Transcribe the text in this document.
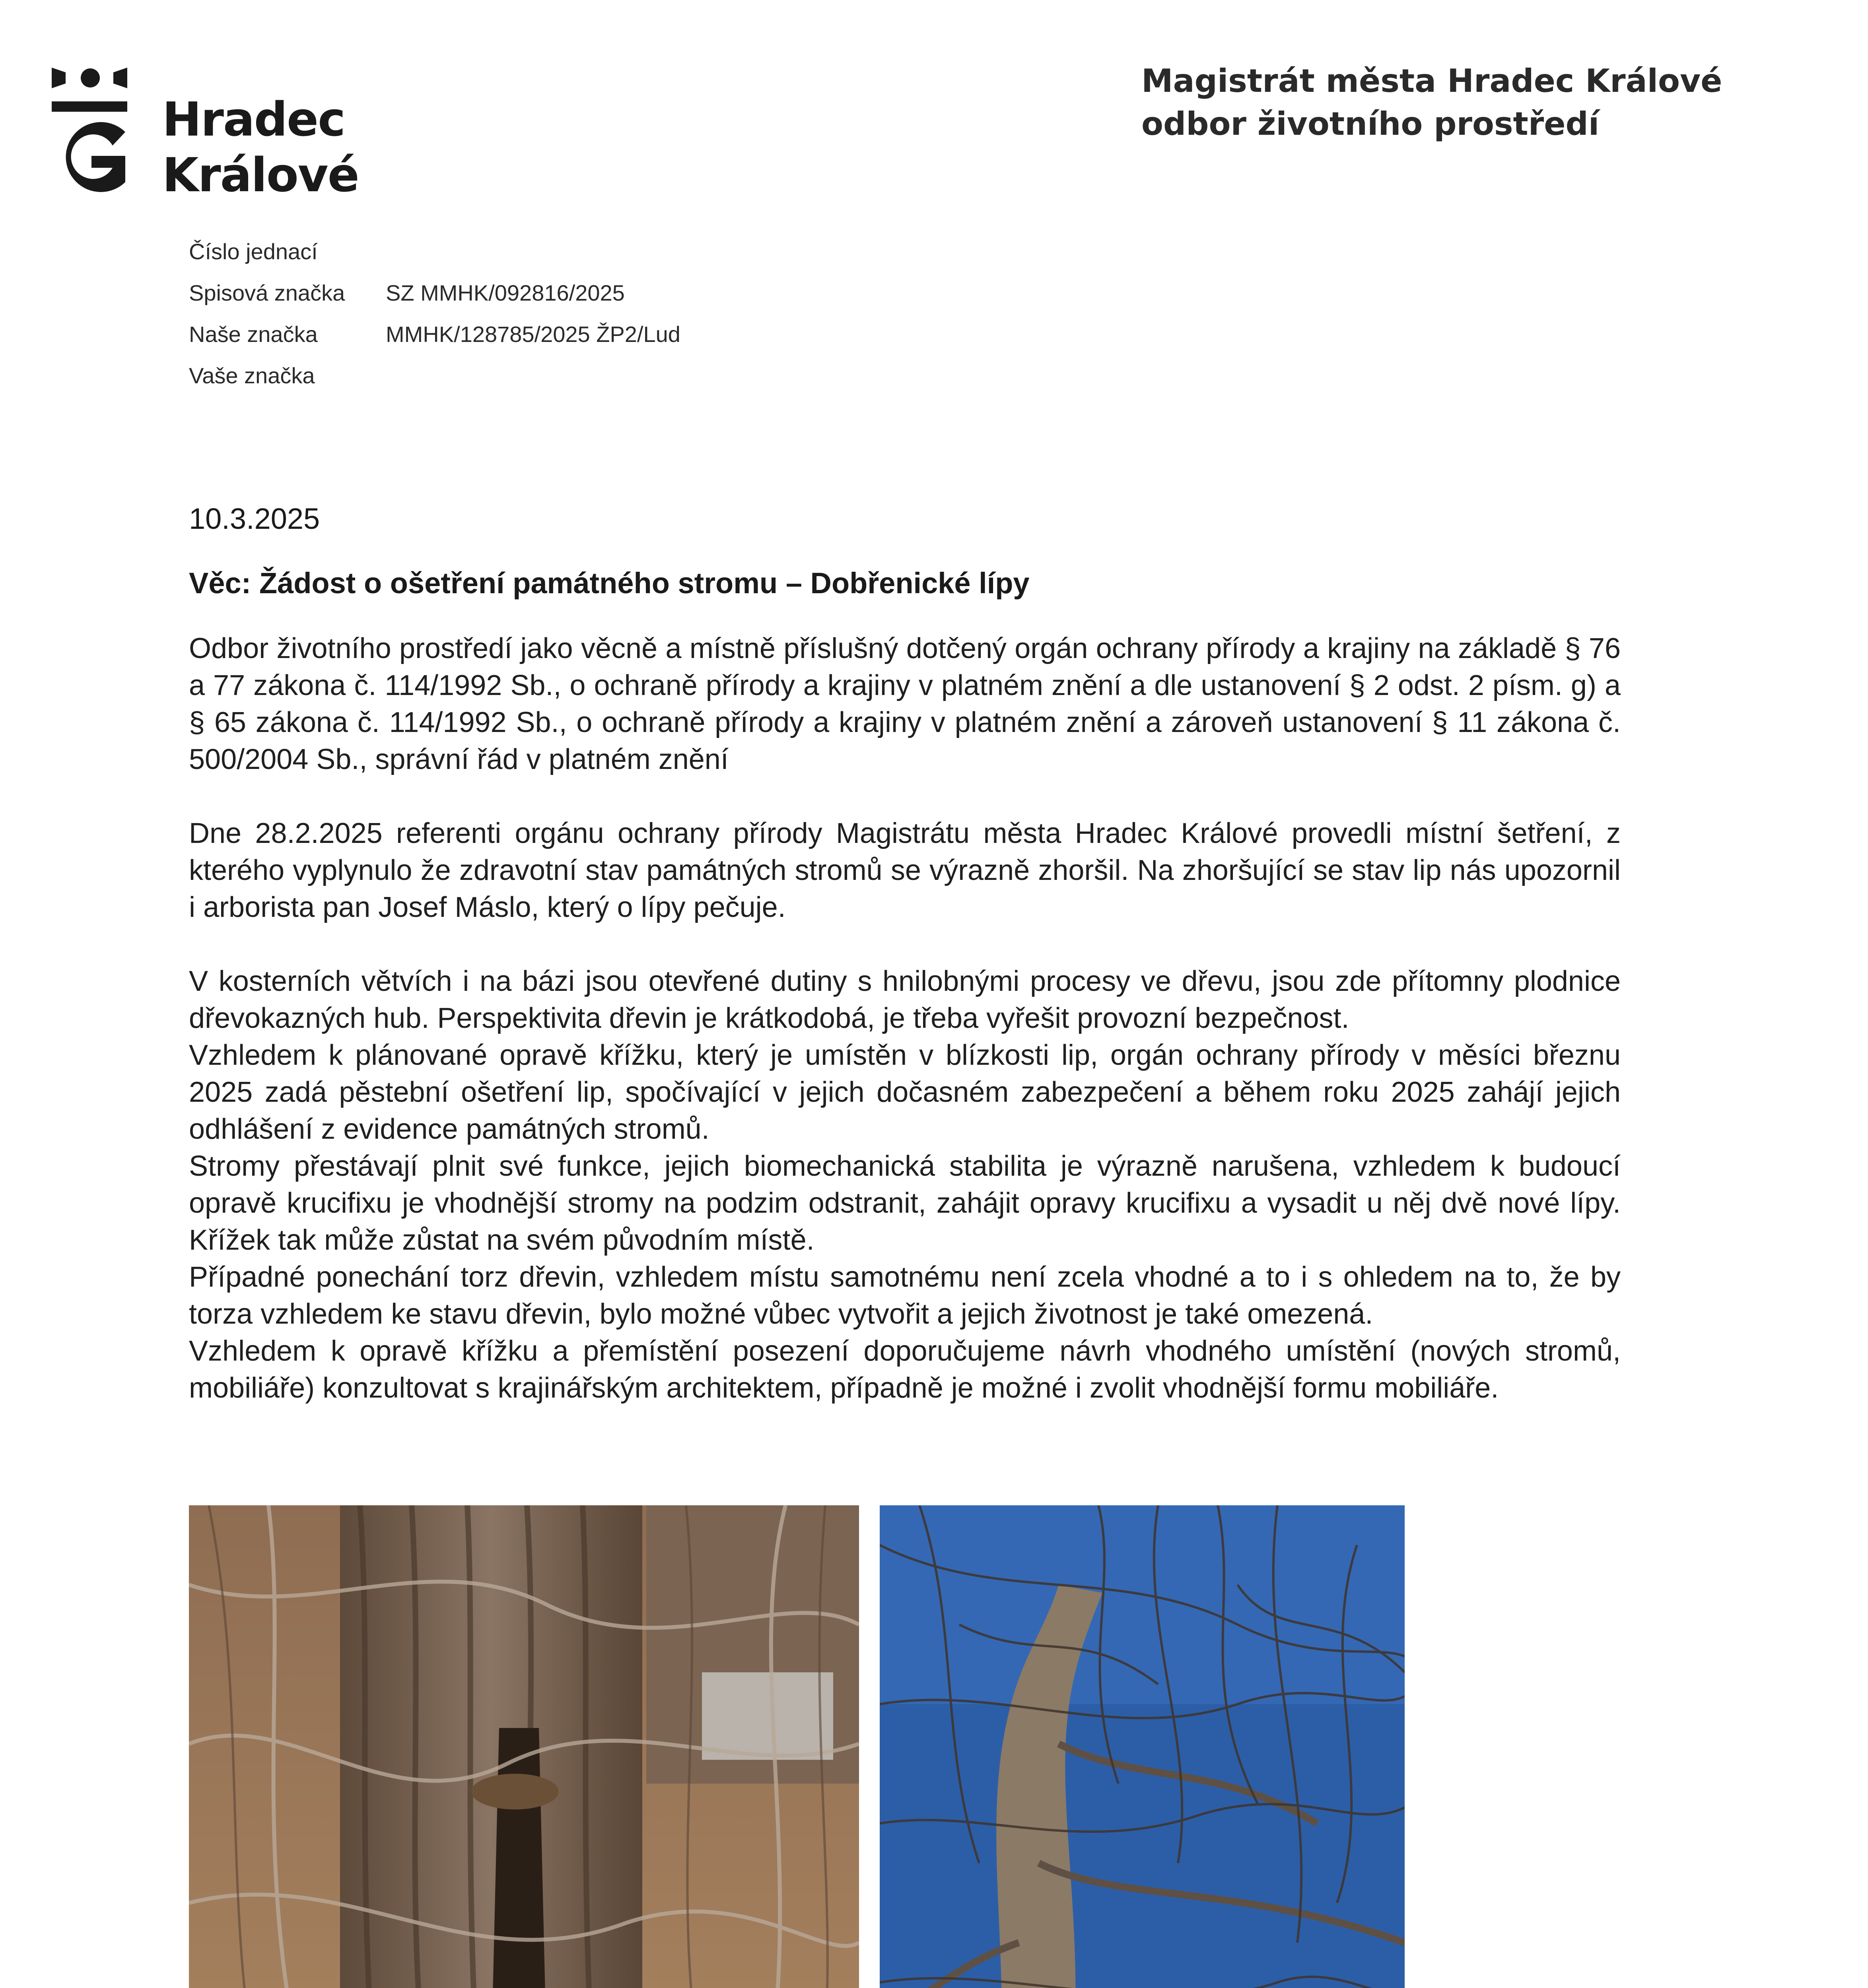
Hradec
Králové
Magistrát města Hradec Králové
odbor životního prostředí
Číslo jednací
Spisová značka SZ MMHK/092816/2025
Naše značka	MMHK/128785/2025 ŽP2/Lud
Vaše značka
10.3.2025
Věc: Žádost o ošetření památného stromu – Dobřenické lípy

Odbor životního prostředí jako věcně a místně příslušný dotčený orgán ochrany přírody a krajiny na základě § 76 a 77 zákona č. 114/1992 Sb., o ochraně přírody a krajiny v platném znění a dle ustanovení § 2 odst. 2 písm. g) a § 65 zákona č. 114/1992 Sb., o ochraně přírody a krajiny v platném znění a zároveň ustanovení § 11 zákona č. 500/2004 Sb., správní řád v platném znění

Dne 28.2.2025 referenti orgánu ochrany přírody Magistrátu města Hradec Králové provedli místní šetření, z kterého vyplynulo že zdravotní stav památných stromů se výrazně zhoršil. Na zhoršující se stav lip nás upozornil i arborista pan Josef Máslo, který o lípy pečuje.

V kosterních větvích i na bázi jsou otevřené dutiny s hnilobnými procesy ve dřevu, jsou zde přítomny plodnice dřevokazných hub. Perspektivita dřevin je krátkodobá, je třeba vyřešit provozní bezpečnost.

Vzhledem k plánované opravě křížku, který je umístěn v blízkosti lip, orgán ochrany přírody v měsíci březnu 2025 zadá pěstební ošetření lip, spočívající v jejich dočasném zabezpečení a během roku 2025 zahájí jejich odhlášení z evidence památných stromů.

Stromy přestávají plnit své funkce, jejich biomechanická stabilita je výrazně narušena, vzhledem k budoucí opravě krucifixu je vhodnější stromy na podzim odstranit, zahájit opravy krucifixu a vysadit u něj dvě nové lípy. Křížek tak může zůstat na svém původním místě.

Případné ponechání torz dřevin, vzhledem místu samotnému není zcela vhodné a to i s ohledem na to, že by torza vzhledem ke stavu dřevin, bylo možné vůbec vytvořit a jejich životnost je také omezená.

Vzhledem k opravě křížku a přemístění posezení doporučujeme návrh vhodného umístění (nových stromů, mobiliáře) konzultovat s krajinářským architektem, případně je možné i zvolit vhodnější formu mobiliáře.
